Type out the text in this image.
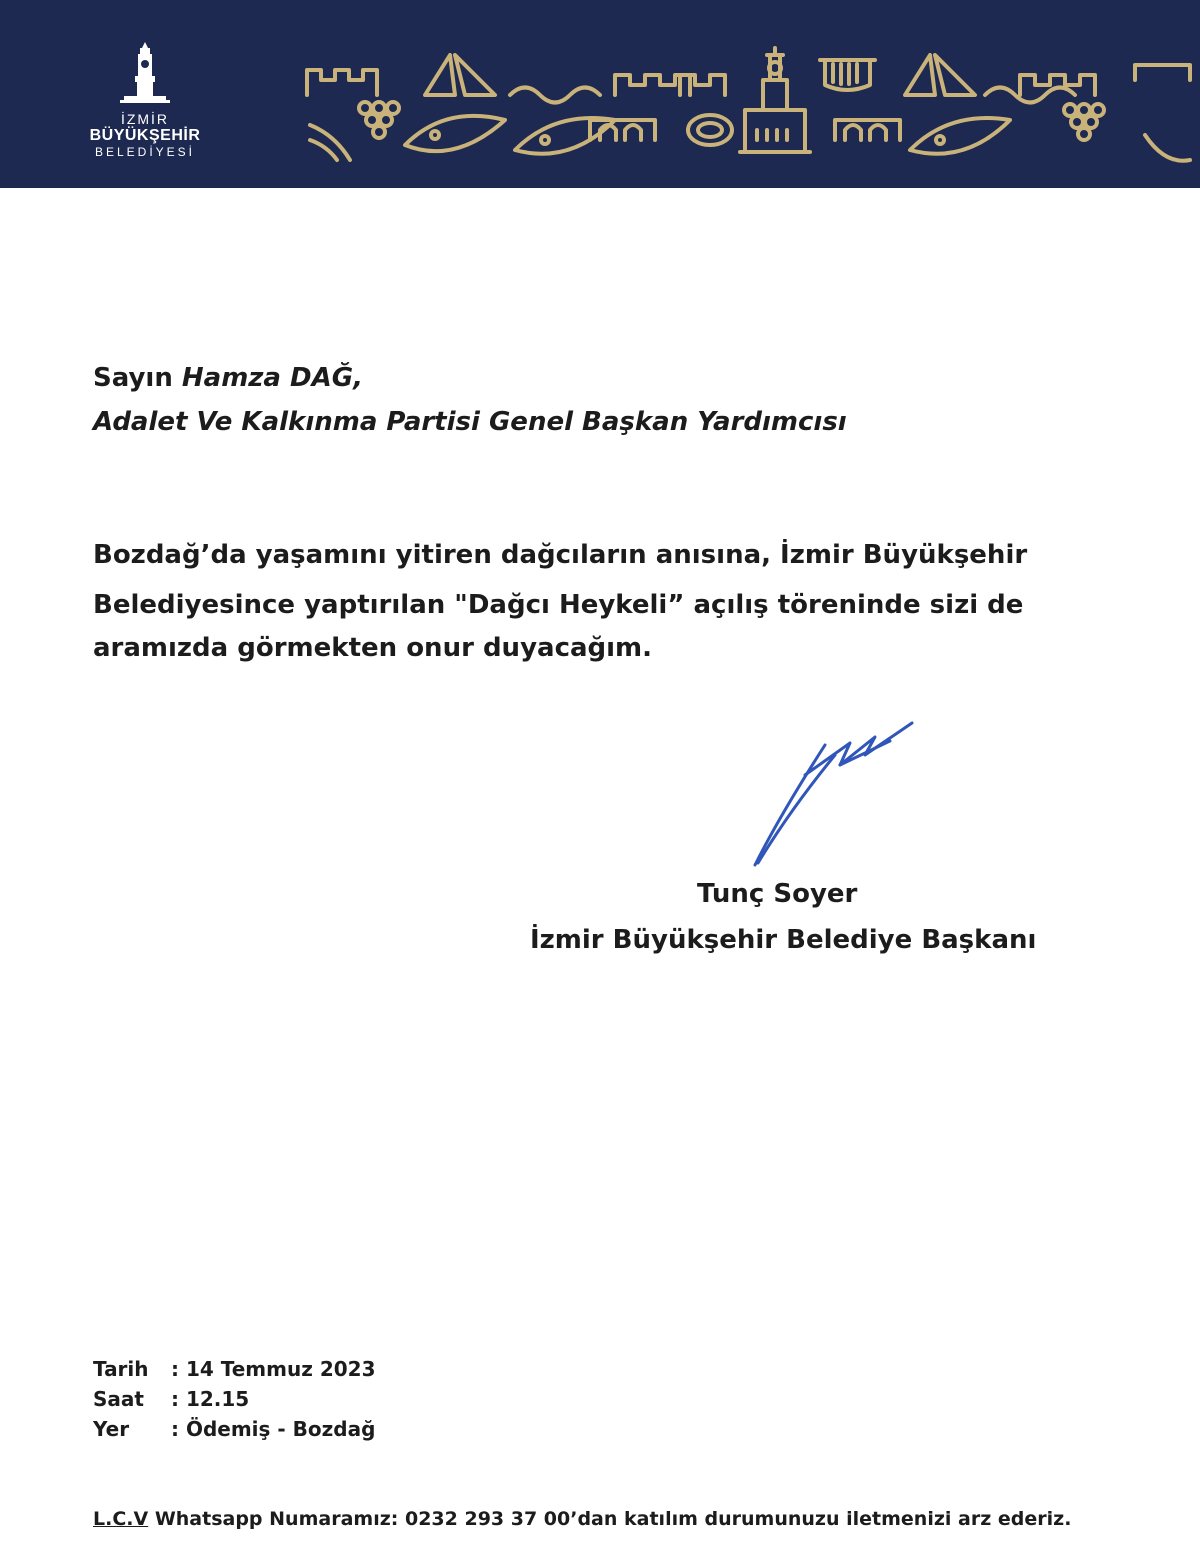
İZMİR
BÜYÜKŞEHİR
BELEDİYESİ
Sayın Hamza DAĞ,
Adalet Ve Kalkınma Partisi Genel Başkan Yardımcısı
Bozdağ’da yaşamını yitiren dağcıların anısına, İzmir Büyükşehir
Belediyesince yaptırılan "Dağcı Heykeli” açılış töreninde sizi de
aramızda görmekten onur duyacağım.
Tunç Soyer
İzmir Büyükşehir Belediye Başkanı
Tarih : 14 Temmuz 2023
Saat : 12.15
Yer : Ödemiş - Bozdağ
L.C.V Whatsapp Numaramız: 0232 293 37 00’dan katılım durumunuzu iletmenizi arz ederiz.
